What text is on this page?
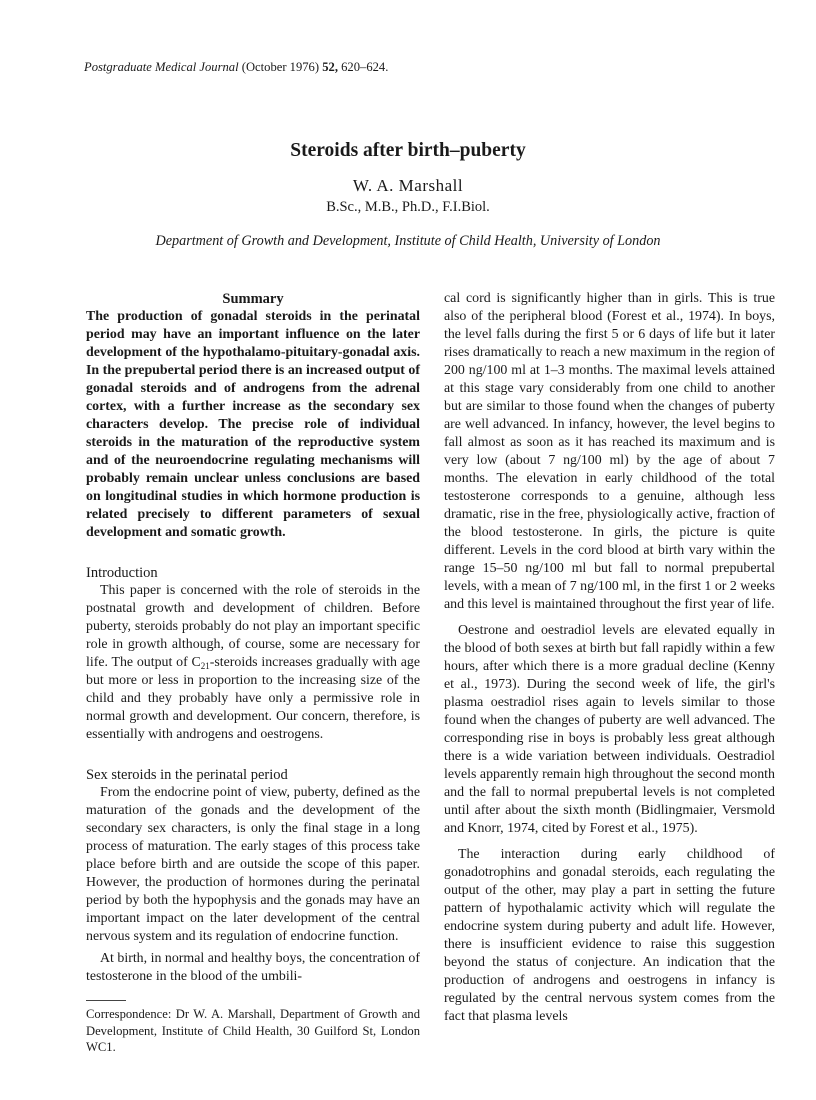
Postgraduate Medical Journal (October 1976) 52, 620–624.
Steroids after birth–puberty
W. A. Marshall
B.Sc., M.B., Ph.D., F.I.Biol.
Department of Growth and Development, Institute of Child Health, University of London
Summary

The production of gonadal steroids in the perinatal period may have an important influence on the later development of the hypothalamo-pituitary-gonadal axis. In the prepubertal period there is an increased output of gonadal steroids and of androgens from the adrenal cortex, with a further increase as the secondary sex characters develop. The precise role of individual steroids in the maturation of the reproductive system and of the neuroendocrine regulating mechanisms will probably remain unclear unless conclusions are based on longitudinal studies in which hormone production is related precisely to different parameters of sexual development and somatic growth.

Introduction

This paper is concerned with the role of steroids in the postnatal growth and development of children. Before puberty, steroids probably do not play an important specific role in growth although, of course, some are necessary for life. The output of $C_{21}$-steroids increases gradually with age but more or less in proportion to the increasing size of the child and they probably have only a permissive role in normal growth and development. Our concern, therefore, is essentially with androgens and oestrogens.

Sex steroids in the perinatal period

From the endocrine point of view, puberty, defined as the maturation of the gonads and the development of the secondary sex characters, is only the final stage in a long process of maturation. The early stages of this process take place before birth and are outside the scope of this paper. However, the production of hormones during the perinatal period by both the hypophysis and the gonads may have an important impact on the later development of the central nervous system and its regulation of endocrine function.

At birth, in normal and healthy boys, the concentration of testosterone in the blood of the umbili-

Correspondence: Dr W. A. Marshall, Department of Growth and Development, Institute of Child Health, 30 Guilford St, London WC1.

cal cord is significantly higher than in girls. This is true also of the peripheral blood (Forest et al., 1974). In boys, the level falls during the first 5 or 6 days of life but it later rises dramatically to reach a new maximum in the region of 200 ng/100 ml at 1–3 months. The maximal levels attained at this stage vary considerably from one child to another but are similar to those found when the changes of puberty are well advanced. In infancy, however, the level begins to fall almost as soon as it has reached its maximum and is very low (about 7 ng/100 ml) by the age of about 7 months. The elevation in early childhood of the total testosterone corresponds to a genuine, although less dramatic, rise in the free, physiologically active, fraction of the blood testosterone. In girls, the picture is quite different. Levels in the cord blood at birth vary within the range 15–50 ng/100 ml but fall to normal prepubertal levels, with a mean of 7 ng/100 ml, in the first 1 or 2 weeks and this level is maintained throughout the first year of life.

Oestrone and oestradiol levels are elevated equally in the blood of both sexes at birth but fall rapidly within a few hours, after which there is a more gradual decline (Kenny et al., 1973). During the second week of life, the girl's plasma oestradiol rises again to levels similar to those found when the changes of puberty are well advanced. The corresponding rise in boys is probably less great although there is a wide variation between individuals. Oestradiol levels apparently remain high throughout the second month and the fall to normal prepubertal levels is not completed until after about the sixth month (Bidlingmaier, Versmold and Knorr, 1974, cited by Forest et al., 1975).

The interaction during early childhood of gonadotrophins and gonadal steroids, each regulating the output of the other, may play a part in setting the future pattern of hypothalamic activity which will regulate the endocrine system during puberty and adult life. However, there is insufficient evidence to raise this suggestion beyond the status of conjecture. An indication that the production of androgens and oestrogens in infancy is regulated by the central nervous system comes from the fact that plasma levels
